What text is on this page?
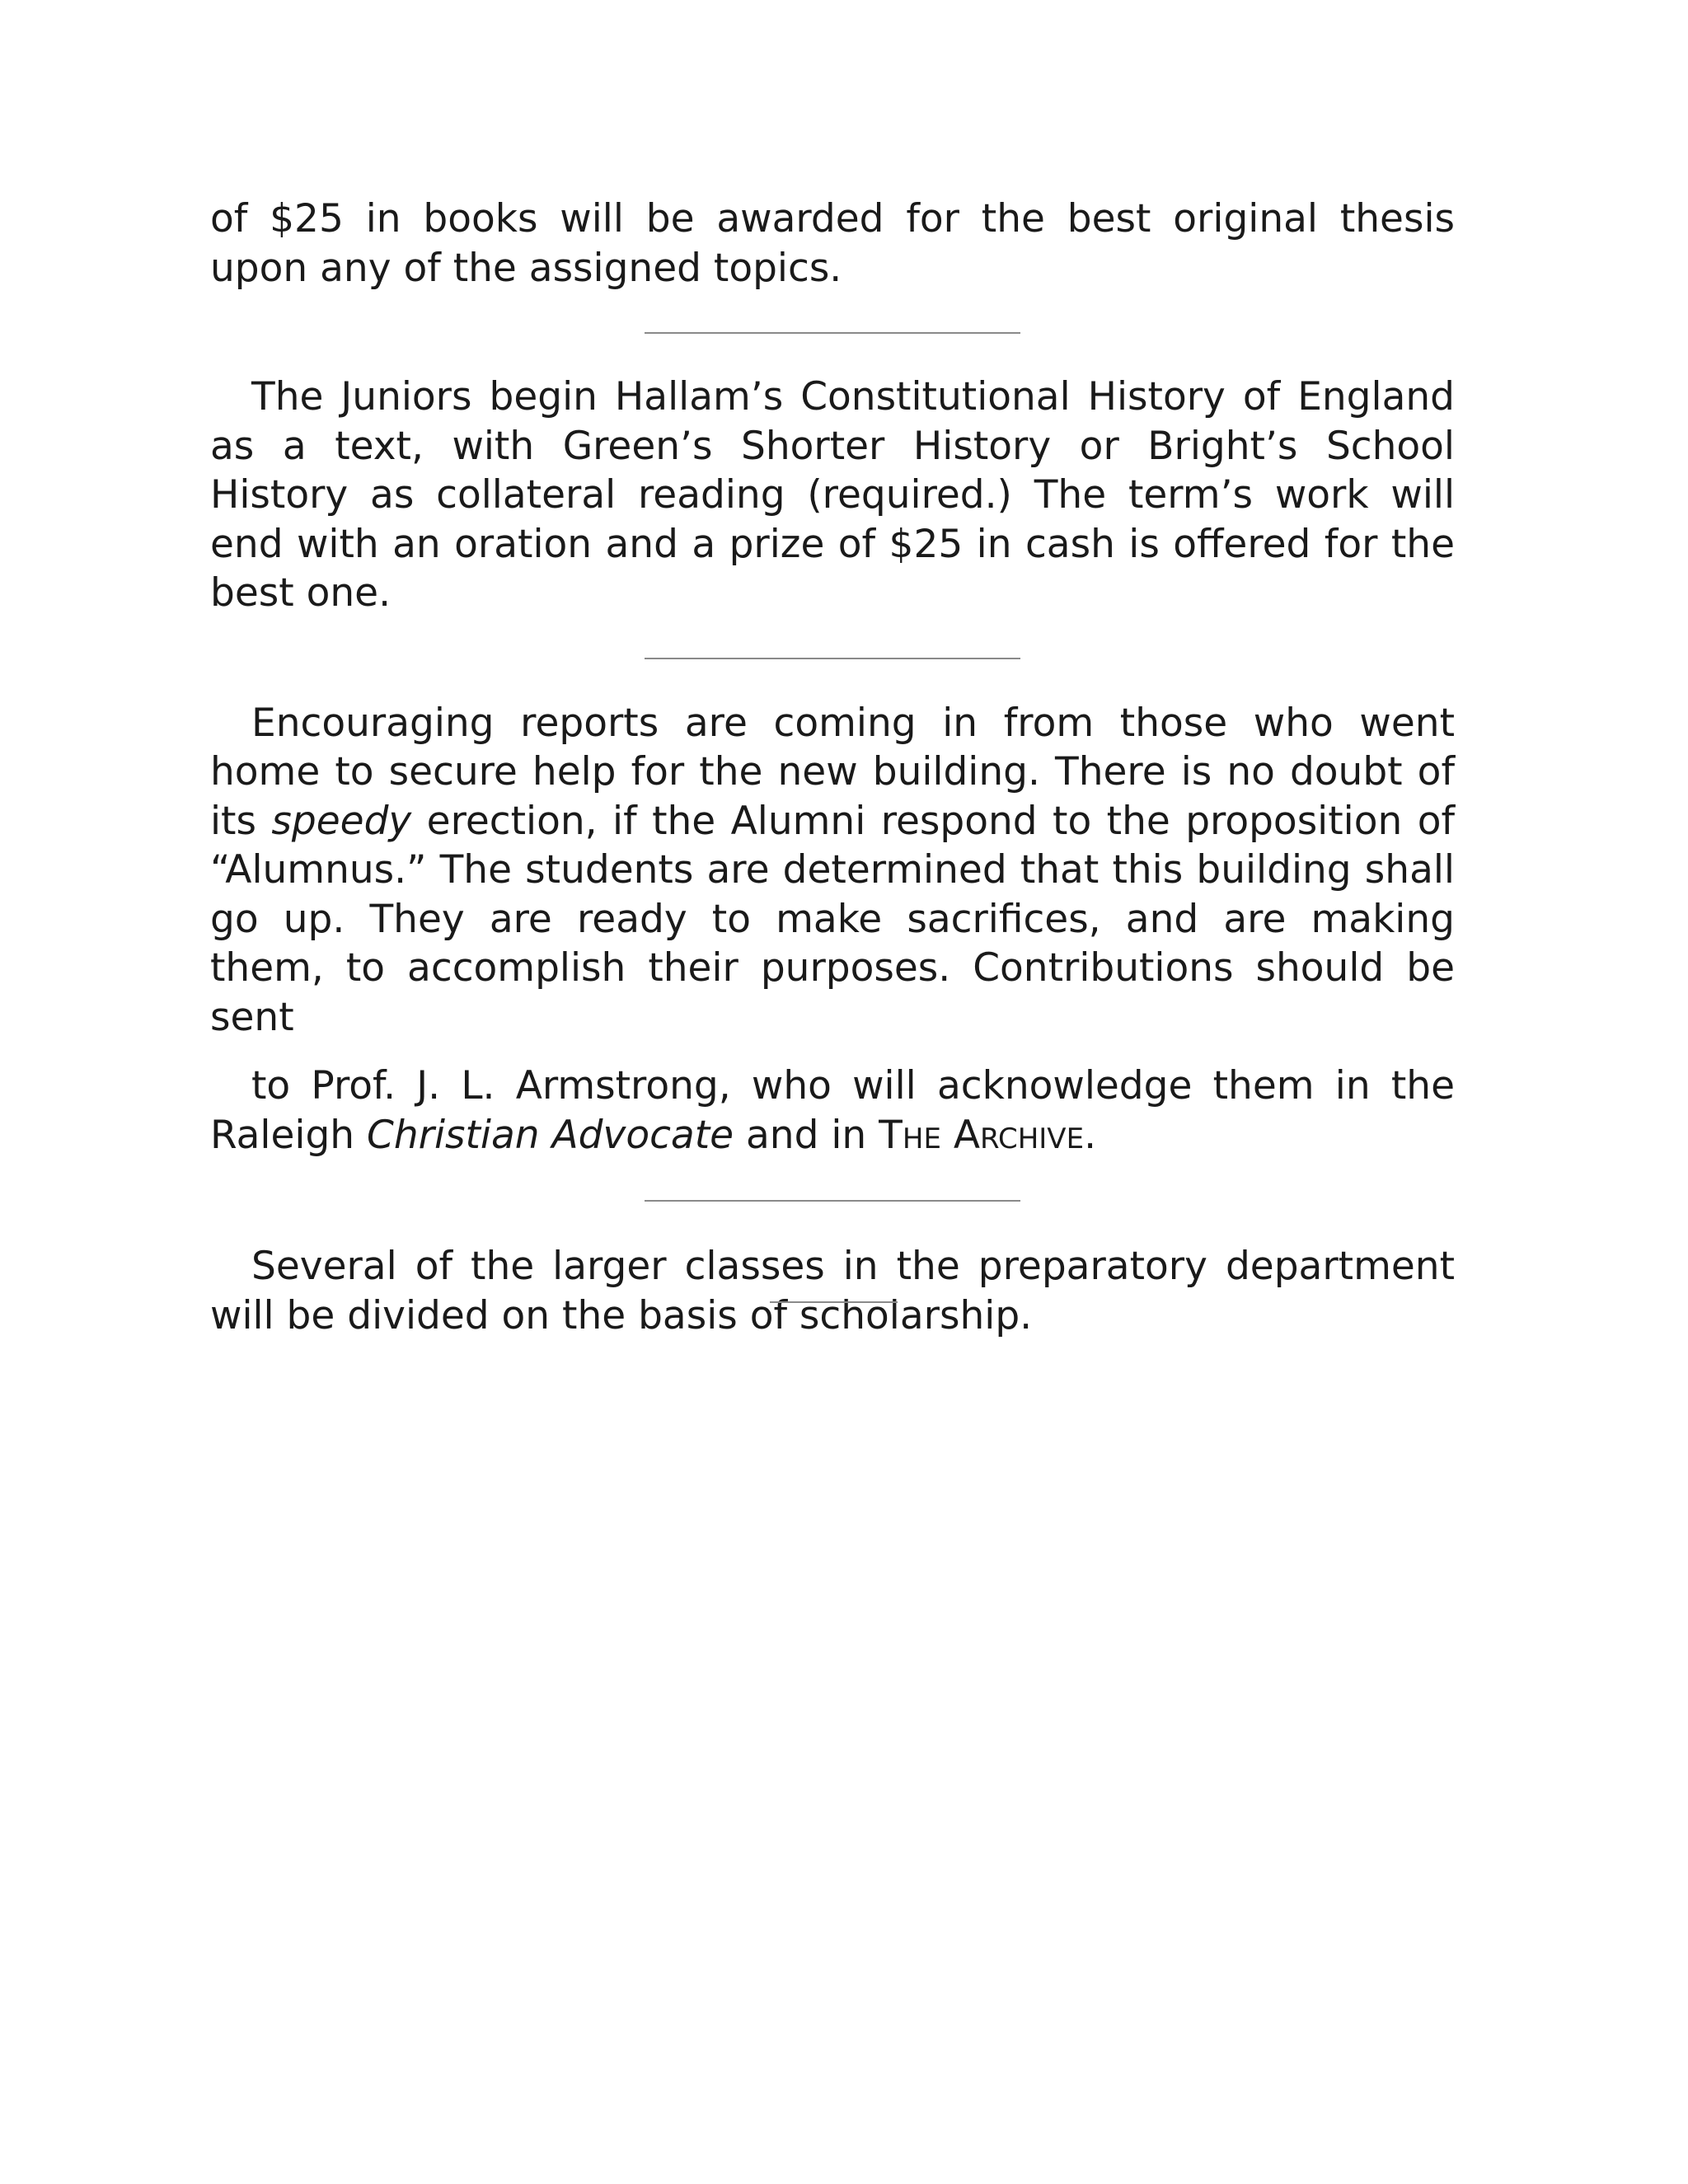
of $25 in books will be awarded for the best original thesis upon any of the assigned topics.

The Juniors begin Hallam’s Constitutional History of England as a text, with Green’s Shorter History or Bright’s School History as collateral reading (required.) The term’s work will end with an oration and a prize of $25 in cash is offered for the best one.

Encouraging reports are coming in from those who went home to secure help for the new building. There is no doubt of its speedy erection, if the Alumni respond to the proposition of “Alumnus.” The students are determined that this building shall go up. They are ready to make sacrifices, and are making them, to accomplish their purposes. Contributions should be sent

to Prof. J. L. Armstrong, who will acknowledge them in the Raleigh Christian Advocate and in THE ARCHIVE.

Several of the larger classes in the preparatory department will be divided on the basis of scholarship.
